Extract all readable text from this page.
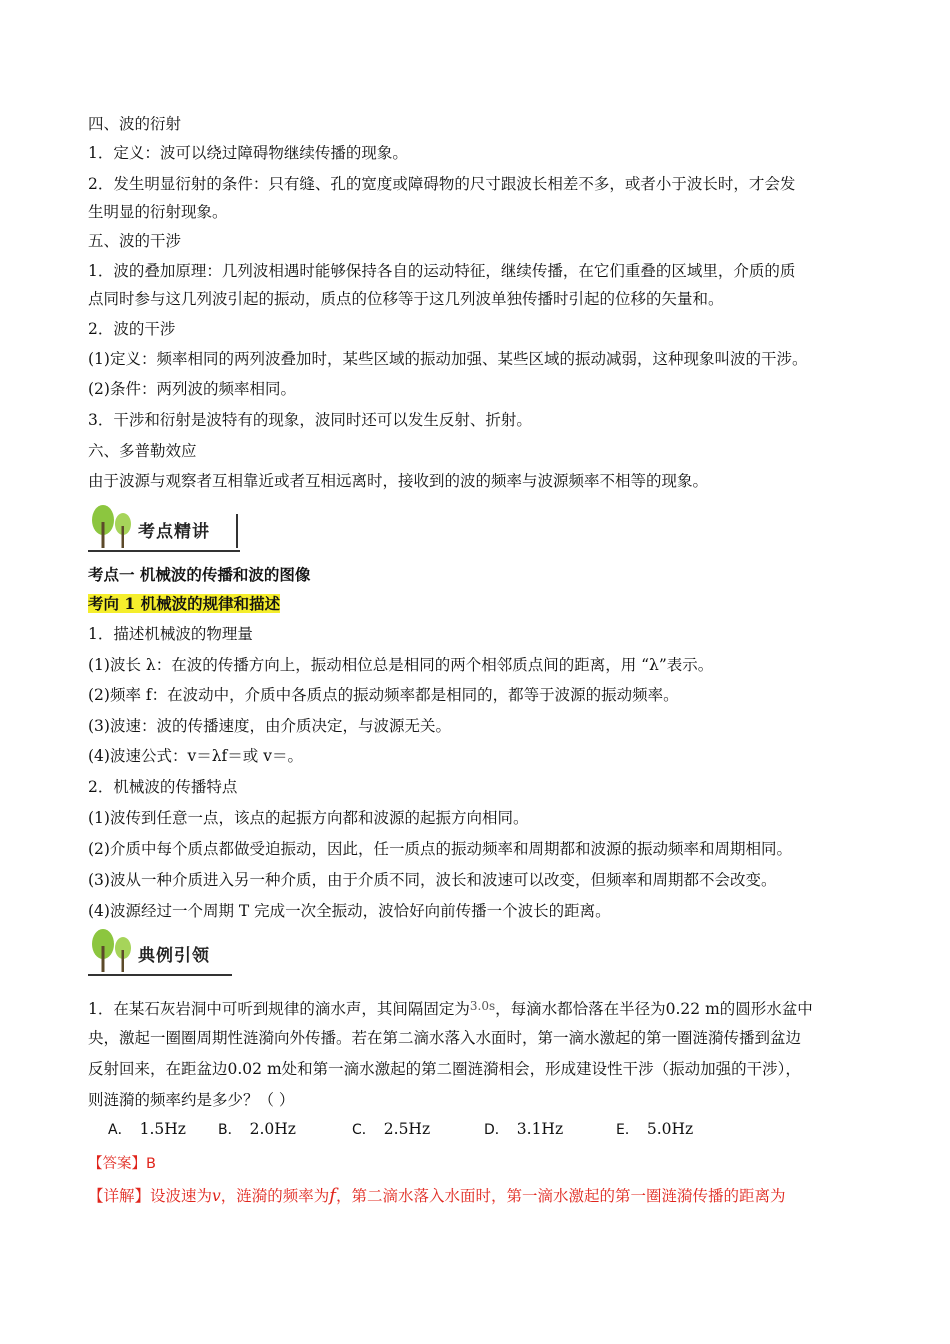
四、波的衍射
1．定义：波可以绕过障碍物继续传播的现象。
2．发生明显衍射的条件：只有缝、孔的宽度或障碍物的尺寸跟波长相差不多，或者小于波长时，才会发
生明显的衍射现象。
五、波的干涉
1．波的叠加原理：几列波相遇时能够保持各自的运动特征，继续传播，在它们重叠的区域里，介质的质
点同时参与这几列波引起的振动，质点的位移等于这几列波单独传播时引起的位移的矢量和。
2．波的干涉
(1)定义：频率相同的两列波叠加时，某些区域的振动加强、某些区域的振动减弱，这种现象叫波的干涉。
(2)条件：两列波的频率相同。
3．干涉和衍射是波特有的现象，波同时还可以发生反射、折射。
六、多普勒效应
由于波源与观察者互相靠近或者互相远离时，接收到的波的频率与波源频率不相等的现象。
考点精讲
考点一 机械波的传播和波的图像
考向 1 机械波的规律和描述
1．描述机械波的物理量
(1)波长 λ：在波的传播方向上，振动相位总是相同的两个相邻质点间的距离，用 “λ”表示。
(2)频率 f：在波动中，介质中各质点的振动频率都是相同的，都等于波源的振动频率。
(3)波速：波的传播速度，由介质决定，与波源无关。
(4)波速公式：v＝λf＝或 v＝。
2．机械波的传播特点
(1)波传到任意一点，该点的起振方向都和波源的起振方向相同。
(2)介质中每个质点都做受迫振动，因此，任一质点的振动频率和周期都和波源的振动频率和周期相同。
(3)波从一种介质进入另一种介质，由于介质不同，波长和波速可以改变，但频率和周期都不会改变。
(4)波源经过一个周期 T 完成一次全振动，波恰好向前传播一个波长的距离。
典例引领
1．在某石灰岩洞中可听到规律的滴水声，其间隔固定为$^{3.0s}$，每滴水都恰落在半径为0.22 m的圆形水盆中
央，激起一圈圈周期性涟漪向外传播。若在第二滴水落入水面时，第一滴水激起的第一圈涟漪传播到盆边
反射回来，在距盆边0.02 m处和第一滴水激起的第二圈涟漪相会，形成建设性干涉（振动加强的干涉），
则涟漪的频率约是多少？（ ）
A． 1.5Hz B． 2.0Hz	C． 2.5Hz	D． 3.1Hz	E． 5.0Hz
【答案】B
【详解】设波速为v，涟漪的频率为f，第二滴水落入水面时，第一滴水激起的第一圈涟漪传播的距离为
